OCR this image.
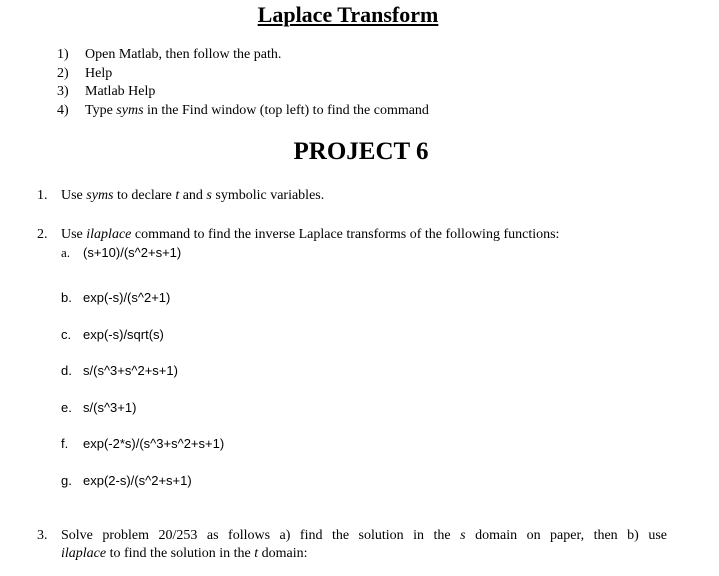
Laplace Transform
1)	Open Matlab, then follow the path.
2)	Help
3)	Matlab Help
4)	Type syms in the Find window (top left) to find the command
PROJECT 6
1. Use syms to declare t and s symbolic variables.
2. Use ilaplace command to find the inverse Laplace transforms of the following functions:
a. (s+10)/(s^2+s+1)
b. exp(-s)/(s^2+1)
c. exp(-s)/sqrt(s)
d. s/(s^3+s^2+s+1)
e. s/(s^3+1)
f. exp(-2*s)/(s^3+s^2+s+1)
g. exp(2-s)/(s^2+s+1)
3. Solve problem 20/253 as follows a) find the solution in the s domain on paper, then b) use
ilaplace to find the solution in the t domain:
